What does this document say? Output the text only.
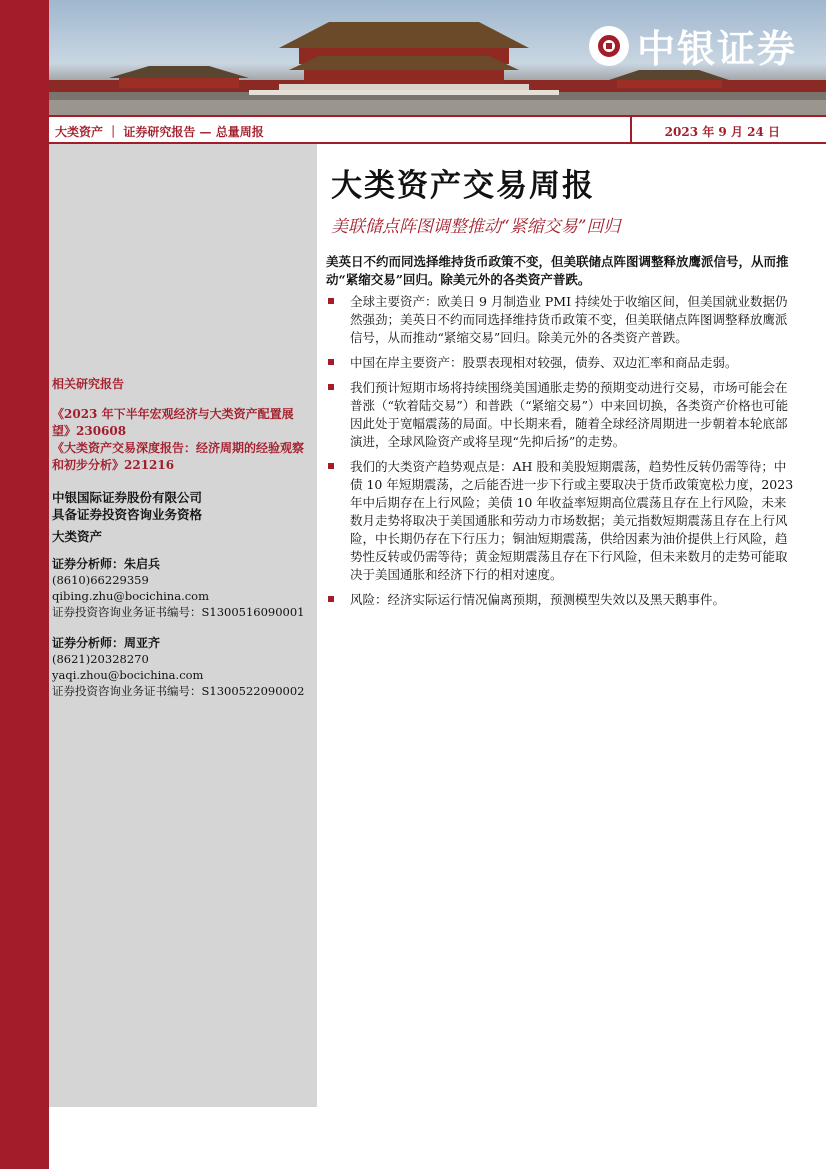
中银证券
大类资产 ｜ 证券研究报告 — 总量周报	2023 年 9 月 24 日
相关研究报告

《2023 年下半年宏观经济与大类资产配置展望》230608

《大类资产交易深度报告：经济周期的经验观察和初步分析》221216

中银国际证券股份有限公司
具备证券投资咨询业务资格
大类资产
证券分析师：朱启兵
(8610)66229359
qibing.zhu@bocichina.com
证券投资咨询业务证书编号：S1300516090001
证券分析师：周亚齐
(8621)20328270
yaqi.zhou@bocichina.com
证券投资咨询业务证书编号：S1300522090002
大类资产交易周报
美联储点阵图调整推动“紧缩交易”回归
美英日不约而同选择维持货币政策不变，但美联储点阵图调整释放鹰派信号，从而推动“紧缩交易”回归。除美元外的各类资产普跌。
全球主要资产：欧美日 9 月制造业 PMI 持续处于收缩区间，但美国就业数据仍然强劲；美英日不约而同选择维持货币政策不变，但美联储点阵图调整释放鹰派信号，从而推动“紧缩交易”回归。除美元外的各类资产普跌。
中国在岸主要资产：股票表现相对较强，债券、双边汇率和商品走弱。
我们预计短期市场将持续围绕美国通胀走势的预期变动进行交易，市场可能会在普涨（“软着陆交易”）和普跌（“紧缩交易”）中来回切换，各类资产价格也可能因此处于宽幅震荡的局面。中长期来看，随着全球经济周期进一步朝着本轮底部演进，全球风险资产或将呈现“先抑后扬”的走势。
我们的大类资产趋势观点是：AH 股和美股短期震荡，趋势性反转仍需等待；中债 10 年短期震荡，之后能否进一步下行或主要取决于货币政策宽松力度，2023 年中后期存在上行风险；美债 10 年收益率短期高位震荡且存在上行风险，未来数月走势将取决于美国通胀和劳动力市场数据；美元指数短期震荡且存在上行风险，中长期仍存在下行压力；铜油短期震荡，供给因素为油价提供上行风险，趋势性反转或仍需等待；黄金短期震荡且存在下行风险，但未来数月的走势可能取决于美国通胀和经济下行的相对速度。
风险：经济实际运行情况偏离预期，预测模型失效以及黑天鹅事件。
